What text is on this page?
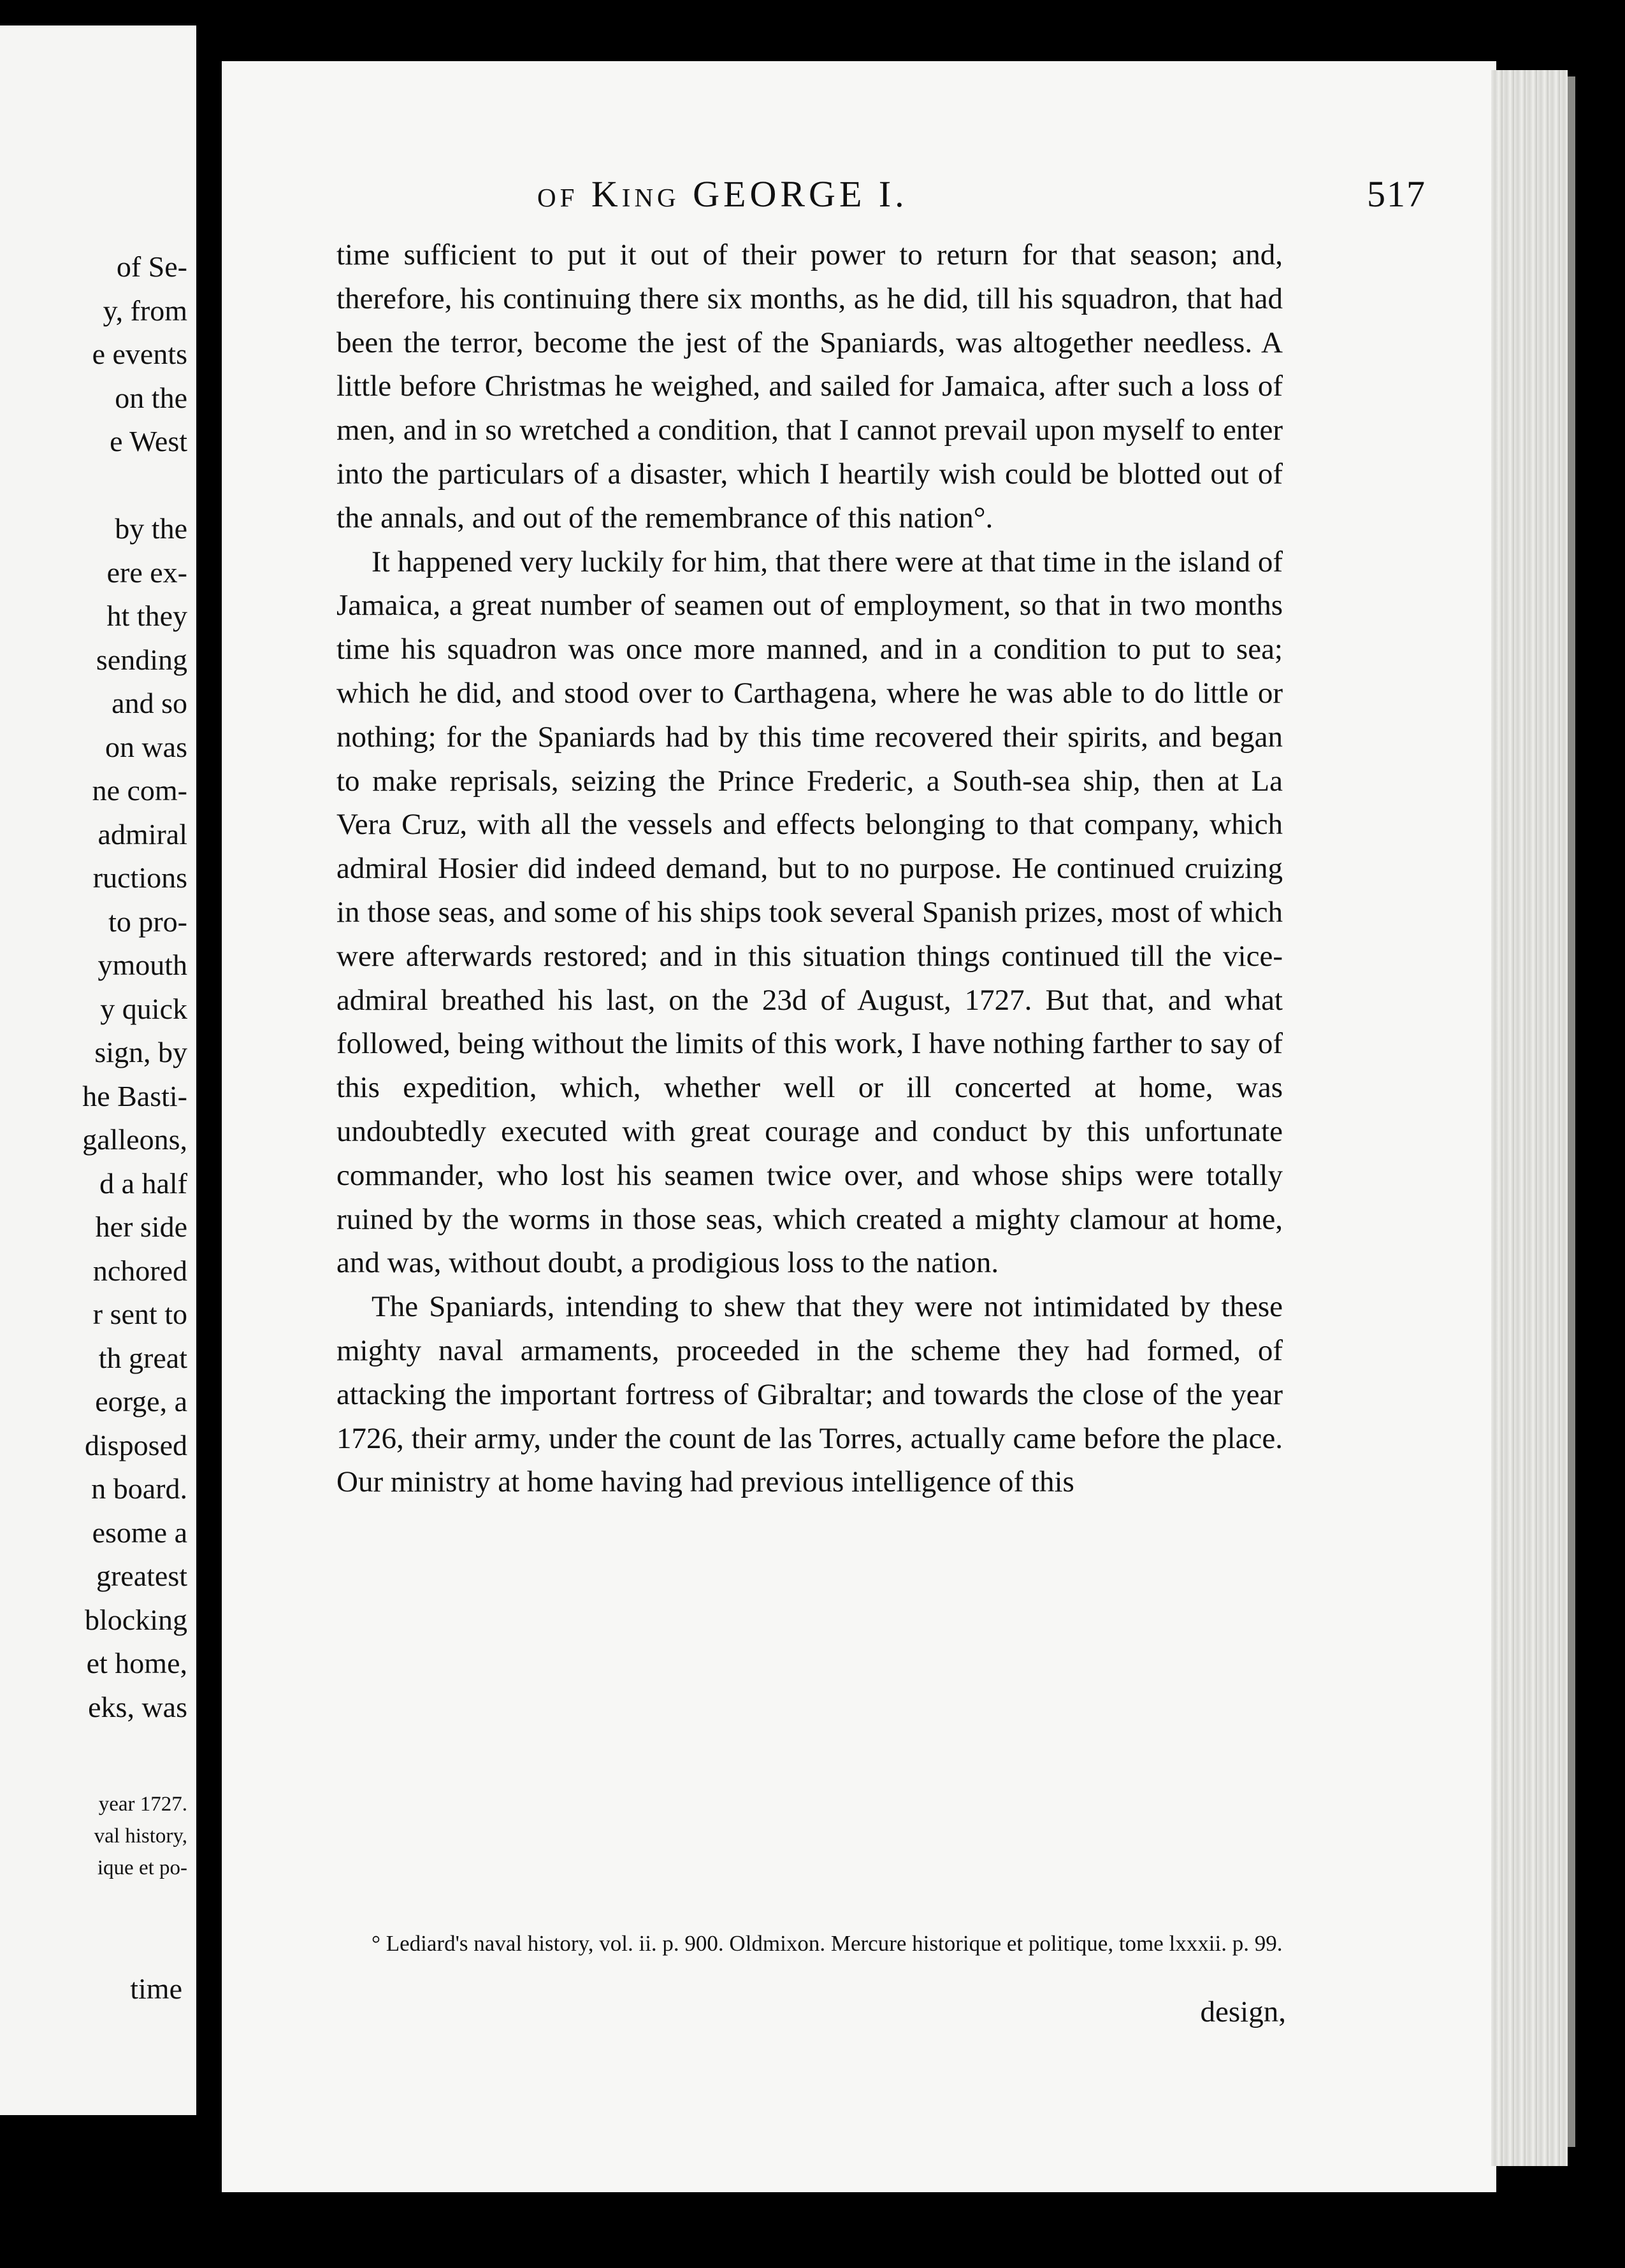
of Se-
y, from
e events
on the
e West
by the
ere ex-
ht they
sending
and so
on was
ne com-
admiral
ructions
to pro-
ymouth
y quick
sign, by
he Basti-
galleons,
d a half
her side
nchored
r sent to
th great
eorge, a
disposed
n board.
esome a
greatest
blocking
et home,
eks, was
year 1727.
val history,
ique et po-
time
of King GEORGE I.	517

time sufficient to put it out of their power to return for that season; and, therefore, his continuing there six months, as he did, till his squadron, that had been the terror, become the jest of the Spaniards, was altogether needless. A little before Christmas he weighed, and sailed for Jamaica, after such a loss of men, and in so wretched a condition, that I cannot prevail upon myself to enter into the particulars of a disaster, which I heartily wish could be blotted out of the annals, and out of the remembrance of this nation°.

It happened very luckily for him, that there were at that time in the island of Jamaica, a great number of seamen out of employment, so that in two months time his squadron was once more manned, and in a condition to put to sea; which he did, and stood over to Carthagena, where he was able to do little or nothing; for the Spaniards had by this time recovered their spirits, and began to make reprisals, seizing the Prince Frederic, a South-sea ship, then at La Vera Cruz, with all the vessels and effects belonging to that company, which admiral Hosier did indeed demand, but to no purpose. He continued cruizing in those seas, and some of his ships took several Spanish prizes, most of which were afterwards restored; and in this situation things continued till the vice-admiral breathed his last, on the 23d of August, 1727. But that, and what followed, being without the limits of this work, I have nothing farther to say of this expedition, which, whether well or ill concerted at home, was undoubtedly executed with great courage and conduct by this unfortunate commander, who lost his seamen twice over, and whose ships were totally ruined by the worms in those seas, which created a mighty clamour at home, and was, without doubt, a prodigious loss to the nation.

The Spaniards, intending to shew that they were not intimidated by these mighty naval armaments, proceeded in the scheme they had formed, of attacking the important fortress of Gibraltar; and towards the close of the year 1726, their army, under the count de las Torres, actually came before the place. Our ministry at home having had previous intelligence of this

° Lediard's naval history, vol. ii. p. 900. Oldmixon. Mercure historique et politique, tome lxxxii. p. 99.
design,
